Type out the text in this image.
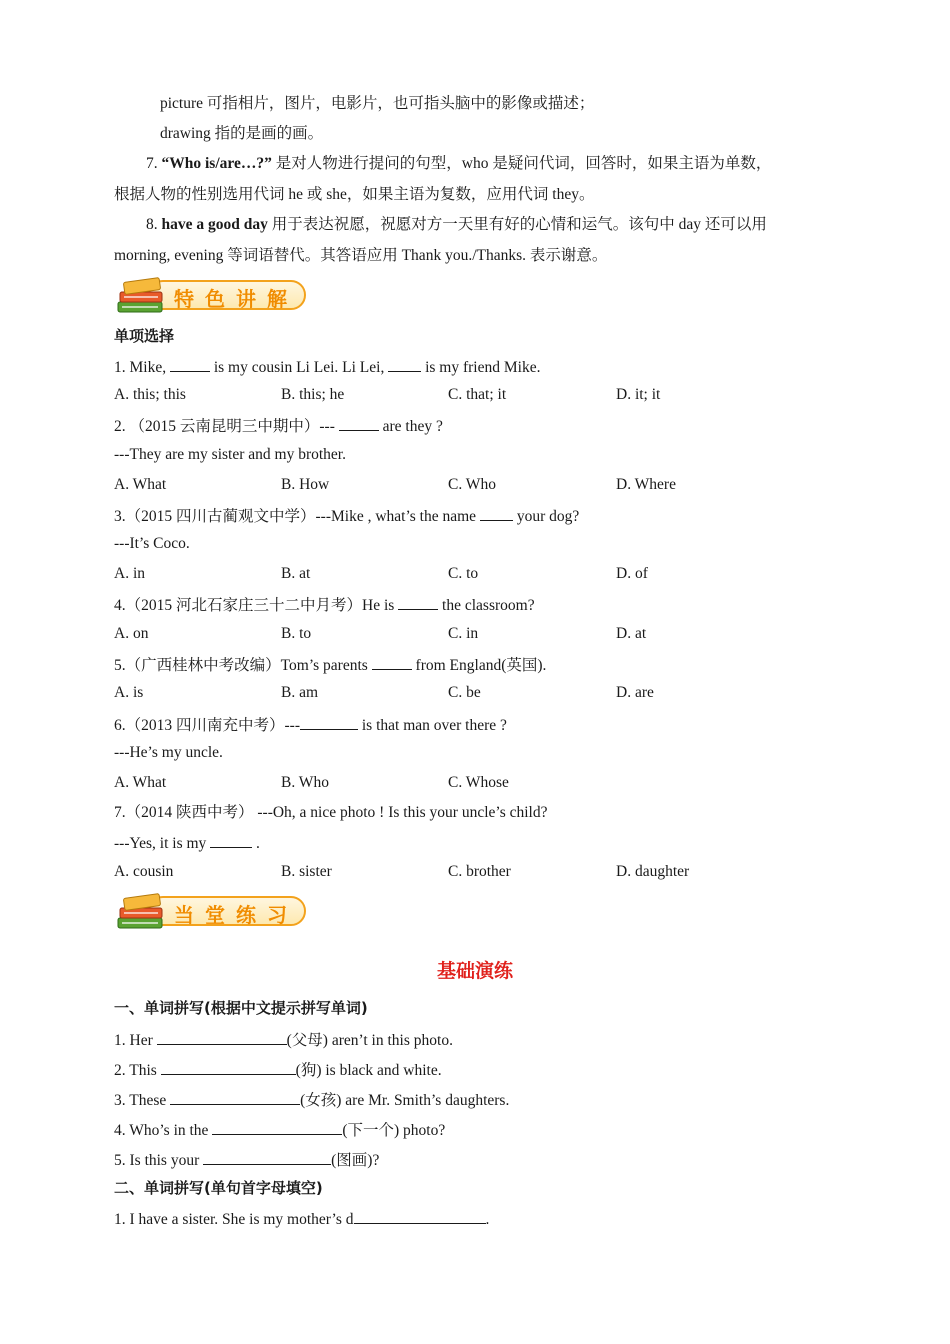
picture 可指相片，图片，电影片，也可指头脑中的影像或描述；
drawing 指的是画的画。
7. “Who is/are…?” 是对人物进行提问的句型，who 是疑问代词，回答时，如果主语为单数，
根据人物的性别选用代词 he 或 she，如果主语为复数，应用代词 they。
8. have a good day 用于表达祝愿，祝愿对方一天里有好的心情和运气。该句中 day 还可以用
morning, evening 等词语替代。其答语应用 Thank you./Thanks. 表示谢意。
特色讲解
单项选择
1. Mike,	is my cousin Li Lei. Li Lei,	is my friend Mike.
A. this; this	B. this; he	C. that; it	D. it; it
2. （2015 云南昆明三中期中）---	are they ?
---They are my sister and my brother.
A. What	B. How	C. Who	D. Where
3.（2015 四川古蔺观文中学）---Mike , what’s the name	your dog?
---It’s Coco.
A. in	B. at	C. to	D. of
4.（2015 河北石家庄三十二中月考）He is	the classroom?
A. on	B. to	C. in	D. at
5.（广西桂林中考改编）Tom’s parents	from England(英国).
A. is	B. am	C. be	D. are
6.（2013 四川南充中考）---	is that man over there ?
---He’s my uncle.
A. What	B. Who	C. Whose
7.（2014 陕西中考） ---Oh, a nice photo ! Is this your uncle’s child?
---Yes, it is my	.
A. cousin	B. sister	C. brother	D. daughter
当堂练习
基础演练
一、单词拼写(根据中文提示拼写单词)
1. Her	(父母) aren’t in this photo.
2. This	(狗) is black and white.
3. These	(女孩) are Mr. Smith’s daughters.
4. Who’s in the	(下一个) photo?
5. Is this your	(图画)?
二、单词拼写(单句首字母填空)
1. I have a sister. She is my mother’s d	.
